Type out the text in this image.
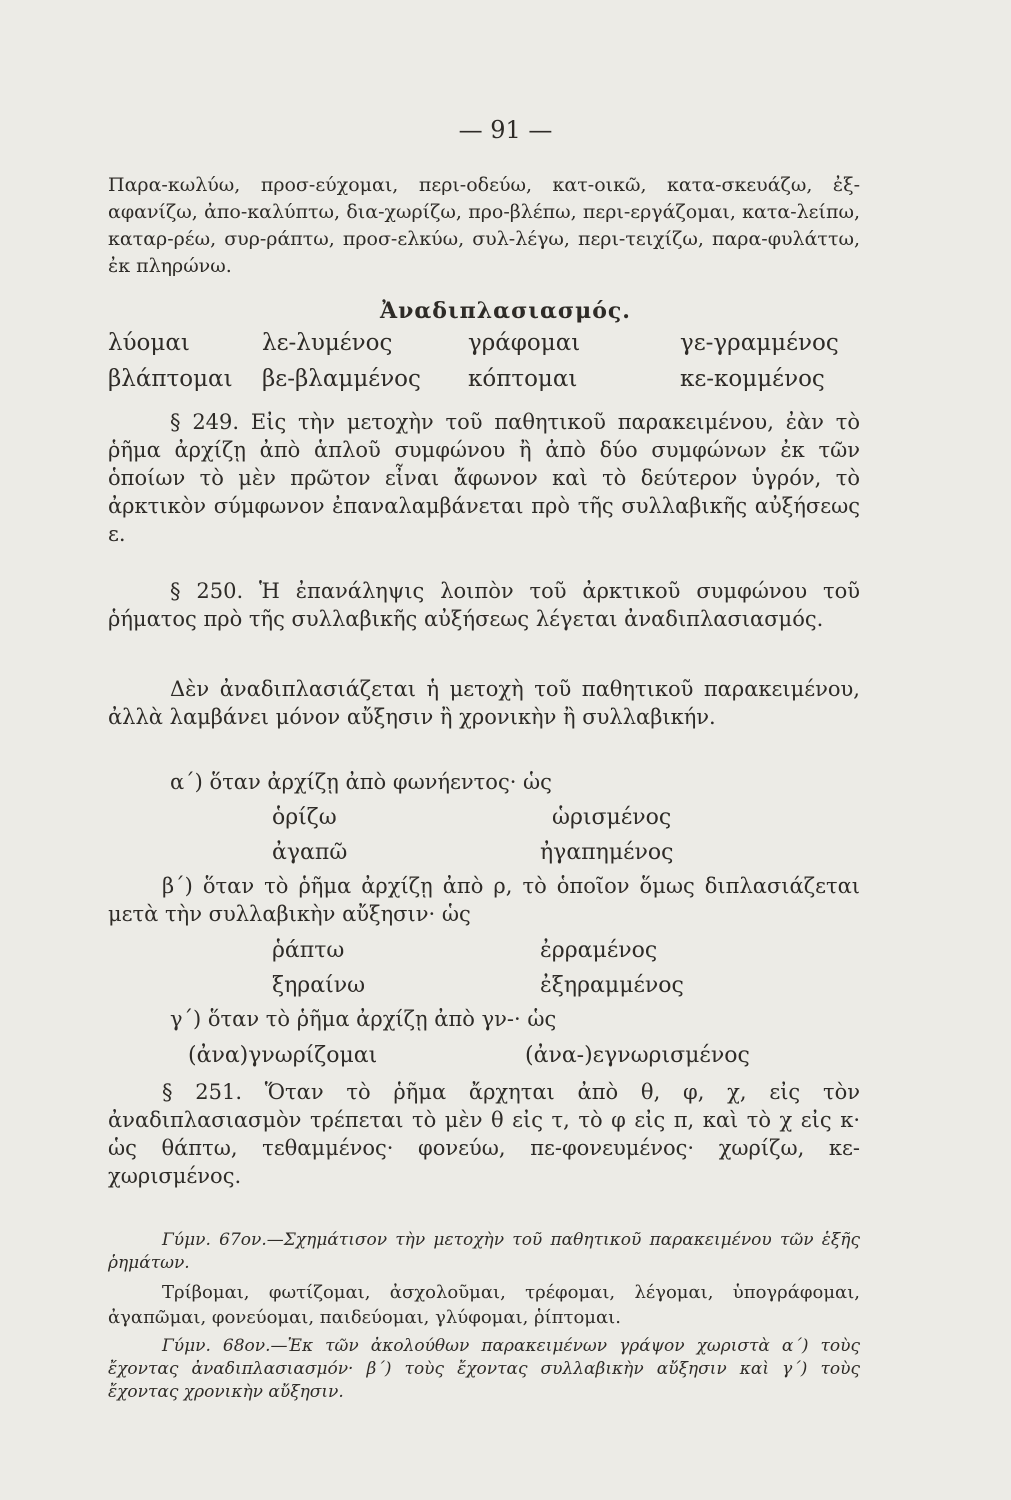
— 91 —

Παρα-κωλύω, προσ-εύχομαι, περι-οδεύω, κατ-οικῶ, κατα-σκευάζω, ἐξ-αφανίζω, ἀπο-καλύπτω, δια-χωρίζω, προ-βλέπω, περι-εργάζομαι, κατα-λείπω, καταρ-ρέω, συρ-ράπτω, προσ-ελκύω, συλ-λέγω, περι-τειχίζω, παρα-φυλάττω, ἐκ πληρώνω.

Ἀναδιπλασιασμός.
λύομαι	λε-λυμένος	γράφομαι	γε-γραμμένος
βλάπτομαι βε-βλαμμένος κόπτομαι	κε-κομμένος

§ 249. Εἰς τὴν μετοχὴν τοῦ παθητικοῦ παρακειμένου, ἐὰν τὸ ῥῆμα ἀρχίζῃ ἀπὸ ἁπλοῦ συμφώνου ἢ ἀπὸ δύο συμφώνων ἐκ τῶν ὁποίων τὸ μὲν πρῶτον εἶναι ἄφωνον καὶ τὸ δεύτερον ὑγρόν, τὸ ἀρκτικὸν σύμφωνον ἐπαναλαμβάνεται πρὸ τῆς συλλαβικῆς αὐξήσεως ε.

§ 250. Ἡ ἐπανάληψις λοιπὸν τοῦ ἀρκτικοῦ συμφώνου τοῦ ῥήματος πρὸ τῆς συλλαβικῆς αὐξήσεως λέγεται ἀναδιπλασιασμός.

Δὲν ἀναδιπλασιάζεται ἡ μετοχὴ τοῦ παθητικοῦ παρακειμένου, ἀλλὰ λαμβάνει μόνον αὔξησιν ἢ χρονικὴν ἢ συλλαβικήν.

α΄) ὅταν ἀρχίζῃ ἀπὸ φωνήεντος· ὡς
ὁρίζω	ὡρισμένος
ἀγαπῶ	ἠγαπημένος
β΄) ὅταν τὸ ῥῆμα ἀρχίζῃ ἀπὸ ρ, τὸ ὁποῖον ὅμως διπλασιάζεται μετὰ τὴν συλλαβικὴν αὔξησιν· ὡς
ῥάπτω	ἐρραμένος
ξηραίνω	ἐξηραμμένος
γ΄) ὅταν τὸ ῥῆμα ἀρχίζῃ ἀπὸ γν-· ὡς
(ἀνα)γνωρίζομαι	(ἀνα-)εγνωρισμένος

§ 251. Ὅταν τὸ ῥῆμα ἄρχηται ἀπὸ θ, φ, χ, εἰς τὸν ἀναδιπλασιασμὸν τρέπεται τὸ μὲν θ εἰς τ, τὸ φ εἰς π, καὶ τὸ χ εἰς κ· ὡς θάπτω, τεθαμμένος· φονεύω, πε-φονευμένος· χωρίζω, κε-χωρισμένος.

Γύμν. 67ον.—Σχημάτισον τὴν μετοχὴν τοῦ παθητικοῦ παρακειμένου τῶν ἑξῆς ῥημάτων.

Τρίβομαι, φωτίζομαι, ἀσχολοῦμαι, τρέφομαι, λέγομαι, ὑπογράφομαι, ἀγαπῶμαι, φονεύομαι, παιδεύομαι, γλύφομαι, ῥίπτομαι.

Γύμν. 68ον.—Ἐκ τῶν ἀκολούθων παρακειμένων γράψον χωριστὰ α΄) τοὺς ἔχοντας ἀναδιπλασιασμόν· β΄) τοὺς ἔχοντας συλλαβικὴν αὔξησιν καὶ γ΄) τοὺς ἔχοντας χρονικὴν αὔξησιν.
